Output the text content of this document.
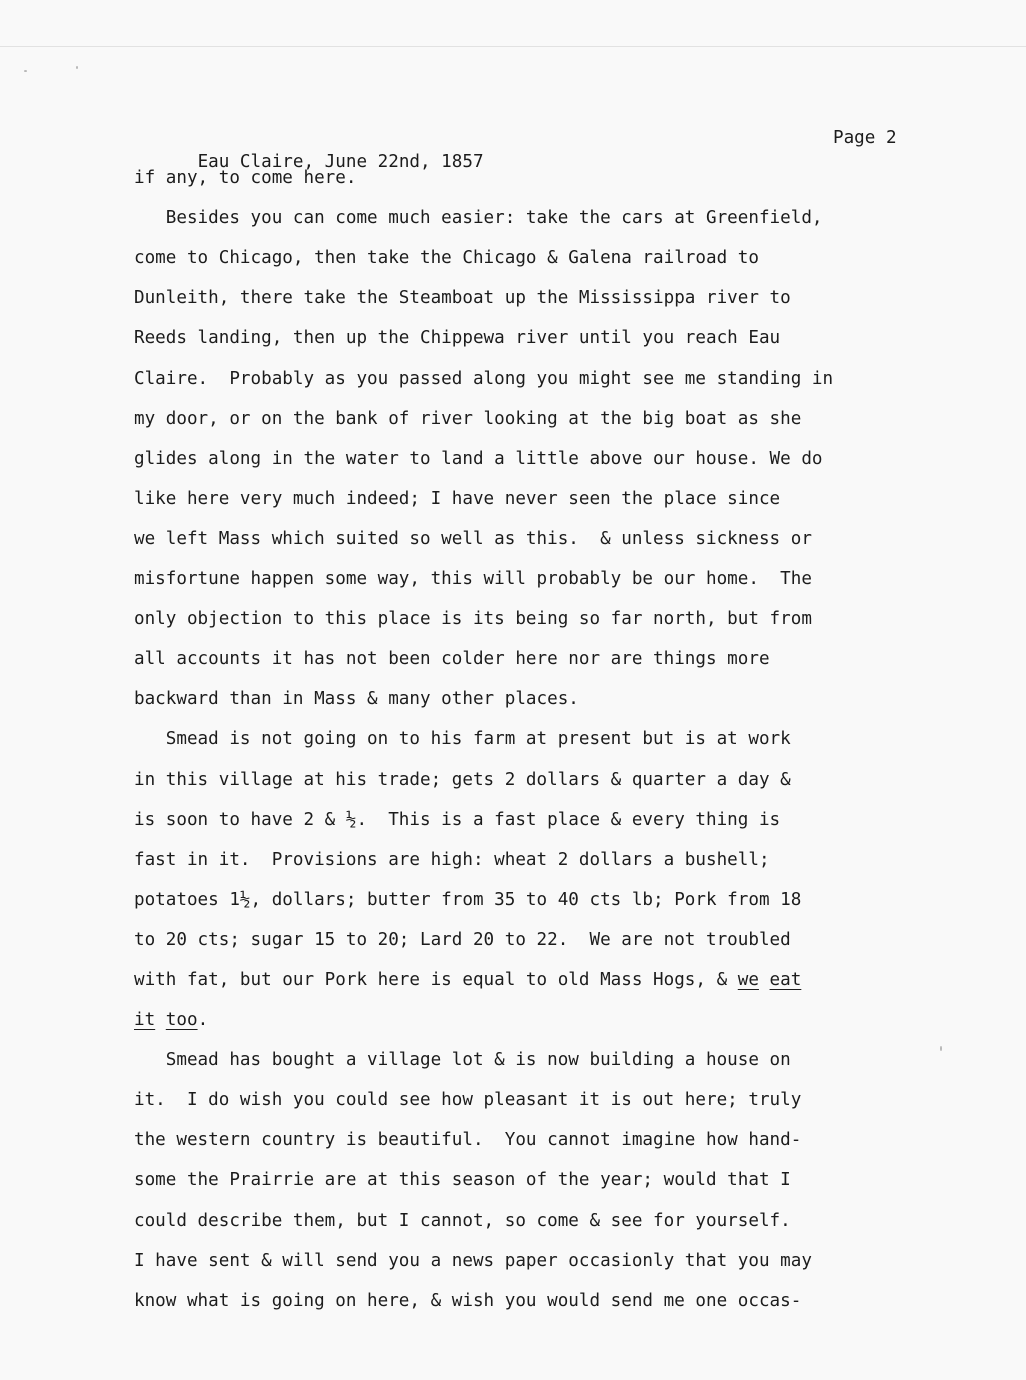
Eau Claire, June 22nd, 1857

Page 2

if any, to come here.
Besides you can come much easier: take the cars at Greenfield,
come to Chicago, then take the Chicago & Galena railroad to
Dunleith, there take the Steamboat up the Mississippa river to
Reeds landing, then up the Chippewa river until you reach Eau
Claire.  Probably as you passed along you might see me standing in
my door, or on the bank of river looking at the big boat as she
glides along in the water to land a little above our house. We do
like here very much indeed; I have never seen the place since
we left Mass which suited so well as this.  & unless sickness or
misfortune happen some way, this will probably be our home.  The
only objection to this place is its being so far north, but from
all accounts it has not been colder here nor are things more
backward than in Mass & many other places.
Smead is not going on to his farm at present but is at work
in this village at his trade; gets 2 dollars & quarter a day &
is soon to have 2 & ½.  This is a fast place & every thing is
fast in it.  Provisions are high: wheat 2 dollars a bushell;
potatoes 1½, dollars; butter from 35 to 40 cts lb; Pork from 18
to 20 cts; sugar 15 to 20; Lard 20 to 22.  We are not troubled
with fat, but our Pork here is equal to old Mass Hogs, & we eat
it too.
Smead has bought a village lot & is now building a house on
it.  I do wish you could see how pleasant it is out here; truly
the western country is beautiful.  You cannot imagine how hand-
some the Prairrie are at this season of the year; would that I
could describe them, but I cannot, so come & see for yourself.
I have sent & will send you a news paper occasionly that you may
know what is going on here, & wish you would send me one occas-
